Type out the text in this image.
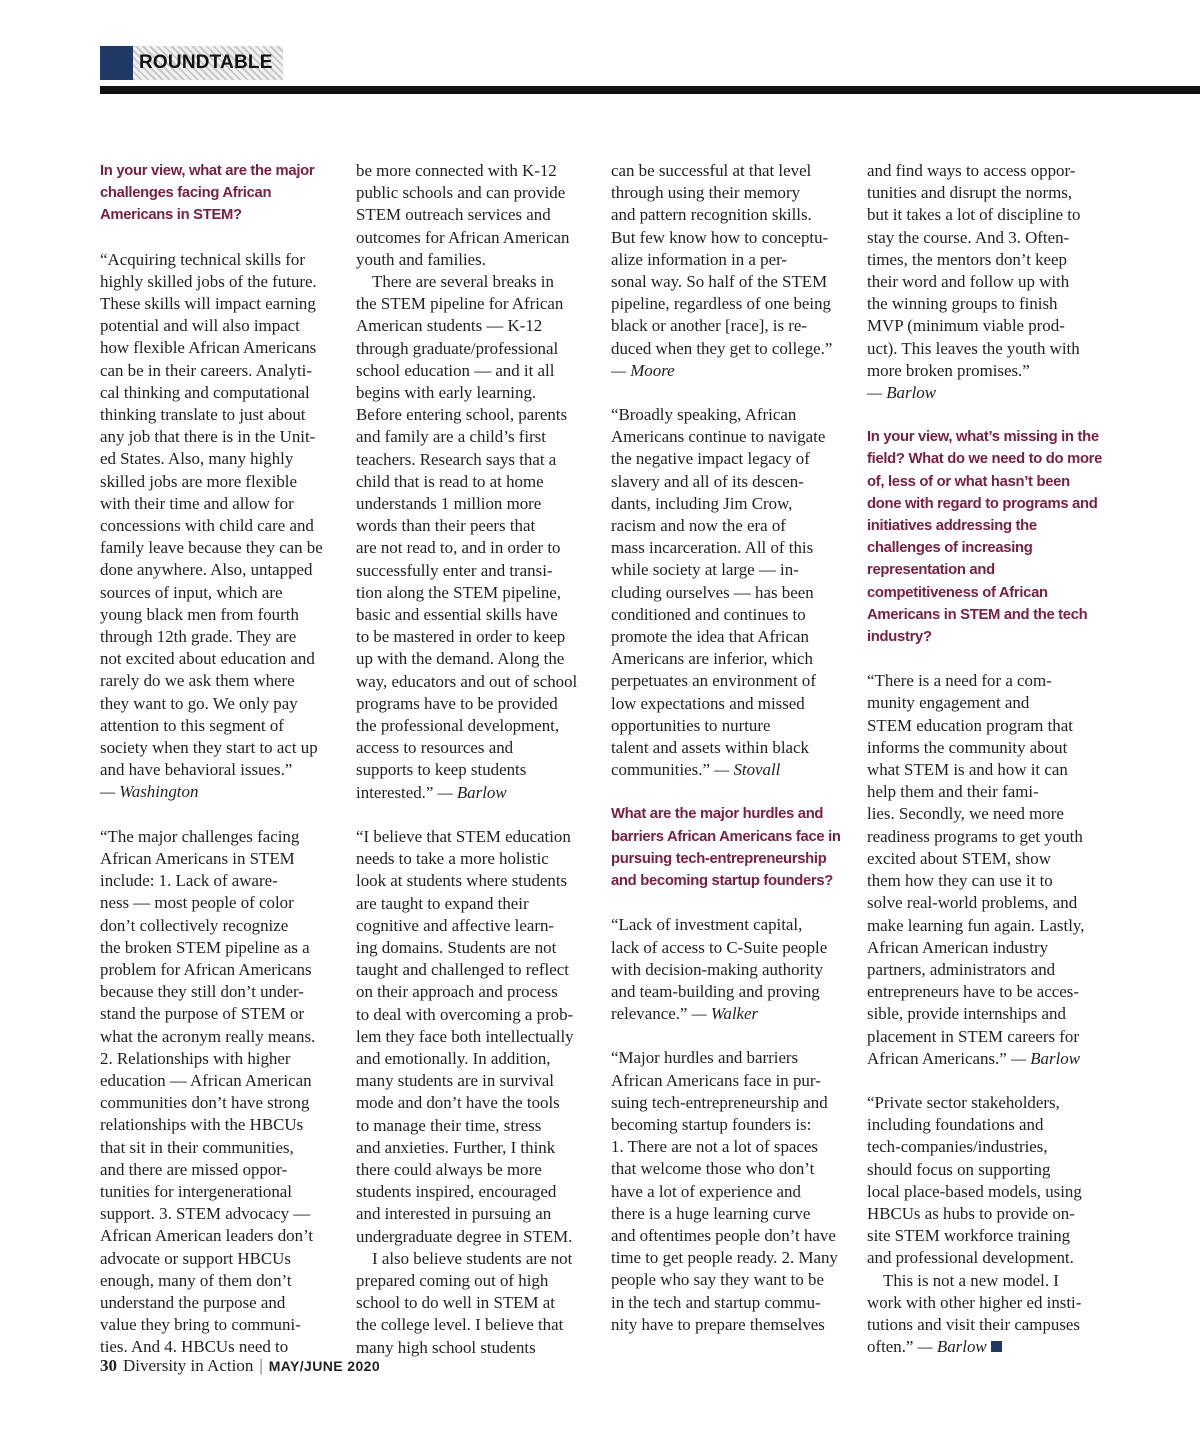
ROUNDTABLE
In your view, what are the major challenges facing African Americans in STEM?

“Acquiring technical skills for
highly skilled jobs of the future.
These skills will impact earning
potential and will also impact
how flexible African Americans
can be in their careers. Analyti-
cal thinking and computational
thinking translate to just about
any job that there is in the Unit-
ed States. Also, many highly
skilled jobs are more flexible
with their time and allow for
concessions with child care and
family leave because they can be
done anywhere. Also, untapped
sources of input, which are
young black men from fourth
through 12th grade. They are
not excited about education and
rarely do we ask them where
they want to go. We only pay
attention to this segment of
society when they start to act up
and have behavioral issues.”

— Washington

“The major challenges facing
African Americans in STEM
include: 1. Lack of aware-
ness — most people of color
don’t collectively recognize
the broken STEM pipeline as a
problem for African Americans
because they still don’t under-
stand the purpose of STEM or
what the acronym really means.
2. Relationships with higher
education — African American
communities don’t have strong
relationships with the HBCUs
that sit in their communities,
and there are missed oppor-
tunities for intergenerational
support. 3. STEM advocacy —
African American leaders don’t
advocate or support HBCUs
enough, many of them don’t
understand the purpose and
value they bring to communi-
ties. And 4. HBCUs need to

be more connected with K-12
public schools and can provide
STEM outreach services and
outcomes for African American
youth and families.

There are several breaks in
the STEM pipeline for African
American students — K-12
through graduate/professional
school education — and it all
begins with early learning.
Before entering school, parents
and family are a child’s first
teachers. Research says that a
child that is read to at home
understands 1 million more
words than their peers that
are not read to, and in order to
successfully enter and transi-
tion along the STEM pipeline,
basic and essential skills have
to be mastered in order to keep
up with the demand. Along the
way, educators and out of school
programs have to be provided
the professional development,
access to resources and
supports to keep students
interested.” — Barlow

“I believe that STEM education
needs to take a more holistic
look at students where students
are taught to expand their
cognitive and affective learn-
ing domains. Students are not
taught and challenged to reflect
on their approach and process
to deal with overcoming a prob-
lem they face both intellectually
and emotionally. In addition,
many students are in survival
mode and don’t have the tools
to manage their time, stress
and anxieties. Further, I think
there could always be more
students inspired, encouraged
and interested in pursuing an
undergraduate degree in STEM.

I also believe students are not
prepared coming out of high
school to do well in STEM at
the college level. I believe that
many high school students

can be successful at that level
through using their memory
and pattern recognition skills.
But few know how to conceptu-
alize information in a per-
sonal way. So half of the STEM
pipeline, regardless of one being
black or another [race], is re-
duced when they get to college.”

— Moore

“Broadly speaking, African
Americans continue to navigate
the negative impact legacy of
slavery and all of its descen-
dants, including Jim Crow,
racism and now the era of
mass incarceration. All of this
while society at large — in-
cluding ourselves — has been
conditioned and continues to
promote the idea that African
Americans are inferior, which
perpetuates an environment of
low expectations and missed
opportunities to nurture
talent and assets within black
communities.” — Stovall

What are the major hurdles and barriers African Americans face in pursuing tech-entrepreneurship and becoming startup founders?

“Lack of investment capital,
lack of access to C-Suite people
with decision-making authority
and team-building and proving
relevance.” — Walker

“Major hurdles and barriers
African Americans face in pur-
suing tech-entrepreneurship and
becoming startup founders is:
1. There are not a lot of spaces
that welcome those who don’t
have a lot of experience and
there is a huge learning curve
and oftentimes people don’t have
time to get people ready. 2. Many
people who say they want to be
in the tech and startup commu-
nity have to prepare themselves

and find ways to access oppor-
tunities and disrupt the norms,
but it takes a lot of discipline to
stay the course. And 3. Often-
times, the mentors don’t keep
their word and follow up with
the winning groups to finish
MVP (minimum viable prod-
uct). This leaves the youth with
more broken promises.”

— Barlow

In your view, what’s missing in the field? What do we need to do more of, less of or what hasn’t been done with regard to programs and initiatives addressing the challenges of increasing representation and competitiveness of African Americans in STEM and the tech industry?

“There is a need for a com-
munity engagement and
STEM education program that
informs the community about
what STEM is and how it can
help them and their fami-
lies. Secondly, we need more
readiness programs to get youth
excited about STEM, show
them how they can use it to
solve real-world problems, and
make learning fun again. Lastly,
African American industry
partners, administrators and
entrepreneurs have to be acces-
sible, provide internships and
placement in STEM careers for
African Americans.” — Barlow

“Private sector stakeholders,
including foundations and
tech-companies/industries,
should focus on supporting
local place-based models, using
HBCUs as hubs to provide on-
site STEM workforce training
and professional development.

This is not a new model. I
work with other higher ed insti-
tutions and visit their campuses
often.” — Barlow

30 Diversity in Action | MAY/JUNE 2020
